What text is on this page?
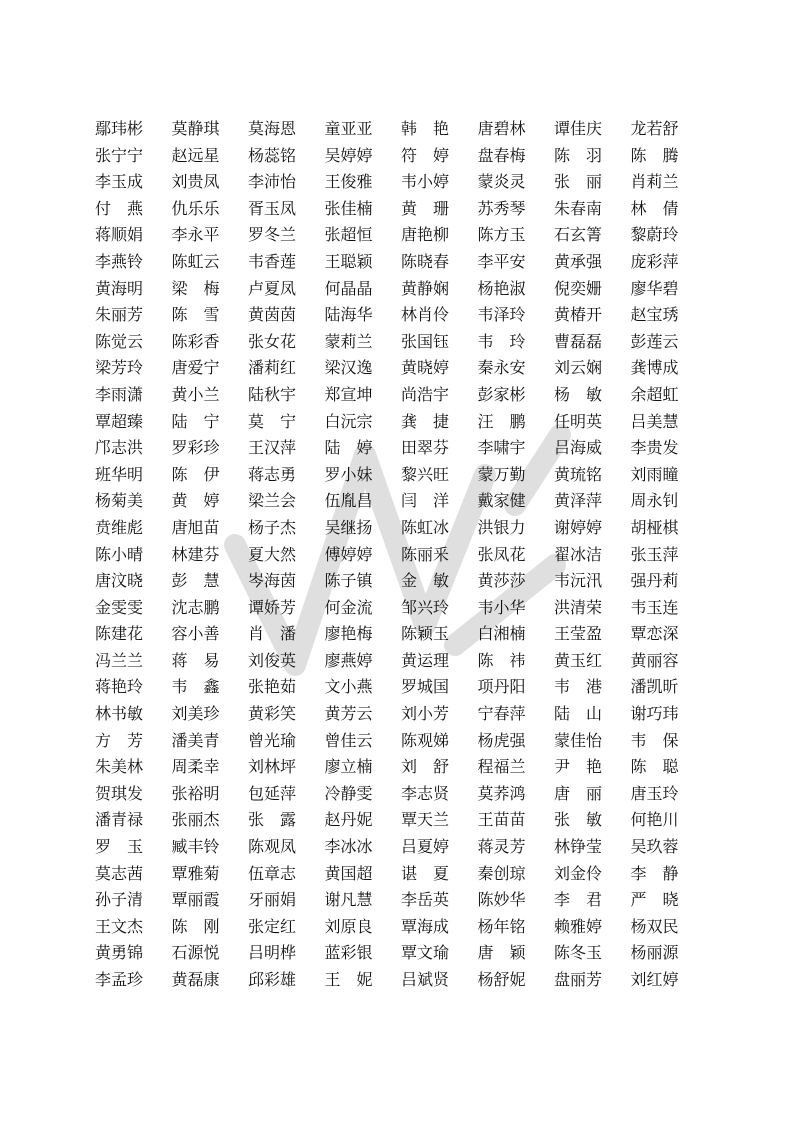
鄢玮彬	莫静琪	莫海恩	童亚亚	韩　艳	唐碧林	谭佳庆	龙若舒
张宁宁	赵远星	杨蕊铭	吴婷婷	符　婷	盘春梅	陈　羽	陈　腾
李玉成	刘贵凤	李沛怡	王俊雅	韦小婷	蒙炎灵	张　丽	肖莉兰
付　燕	仇乐乐	胥玉凤	张佳楠	黄　珊	苏秀琴	朱春南	林　倩
蒋顺娟	李永平	罗冬兰	张超恒	唐艳柳	陈方玉	石玄箐	黎蔚玲
李燕铃	陈虹云	韦香莲	王聪颖	陈晓春	李平安	黄承强	庞彩萍
黄海明	梁　梅	卢夏凤	何晶晶	黄静娴	杨艳淑	倪奕姗	廖华碧
朱丽芳	陈　雪	黄茵茵	陆海华	林肖伶	韦泽玲	黄椿开	赵宝琇
陈觉云	陈彩香	张女花	蒙莉兰	张国钰	韦　玲	曹磊磊	彭莲云
梁芳玲	唐爱宁	潘莉红	梁汉逸	黄晓婷	秦永安	刘云娴	龚博成
李雨潇	黄小兰	陆秋宇	郑宣坤	尚浩宇	彭家彬	杨　敏	余超虹
覃超臻	陆　宁	莫　宁	白沅宗	龚　捷	汪　鹏	任明英	吕美慧
邝志洪	罗彩珍	王汉萍	陆　婷	田翠芬	李啸宇	吕海威	李贵发
班华明	陈　伊	蒋志勇	罗小妹	黎兴旺	蒙万勤	黄琉铭	刘雨瞳
杨菊美	黄　婷	梁兰会	伍胤昌	闫　洋	戴家健	黄泽萍	周永钊
贲维彪	唐旭苗	杨子杰	吴继扬	陈虹冰	洪银力	谢婷婷	胡桠棋
陈小晴	林建芬	夏大然	傅婷婷	陈丽釆	张凤花	翟冰洁	张玉萍
唐汶晓	彭　慧	岑海茵	陈子镇	金　敏	黄莎莎	韦沅汛	强丹莉
金雯雯	沈志鹏	谭娇芳	何金流	邹兴玲	韦小华	洪清荣	韦玉连
陈建花	容小善	肖　潘	廖艳梅	陈颖玉	白湘楠	王莹盈	覃恋深
冯兰兰	蒋　易	刘俊英	廖燕婷	黄运理	陈　祎	黄玉红	黄丽容
蒋艳玲	韦　鑫	张艳茹	文小燕	罗城国	项丹阳	韦　港	潘凯昕
林书敏	刘美珍	黄彩笑	黄芳云	刘小芳	宁春萍	陆　山	谢巧玮
方　芳	潘美青	曾光瑜	曾佳云	陈观娣	杨虎强	蒙佳怡	韦　保
朱美林	周柔幸	刘林坪	廖立楠	刘　舒	程福兰	尹　艳	陈　聪
贺琪发	张裕明	包延萍	冷静雯	李志贤	莫荞鸿	唐　丽	唐玉玲
潘青禄	张丽杰	张　露	赵丹妮	覃天兰	王苗苗	张　敏	何艳川
罗　玉	臧丰铃	陈观凤	李冰冰	吕夏婷	蒋灵芳	林铮莹	吴玖蓉
莫志茜	覃雅菊	伍章志	黄国超	谌　夏	秦创琼	刘金伶	李　静
孙子清	覃丽霞	牙丽娟	谢凡慧	李岳英	陈妙华	李　君	严　晓
王文杰	陈　刚	张定红	刘原良	覃海成	杨年铭	赖雅婷	杨双民
黄勇锦	石源悦	吕明桦	蓝彩银	覃文瑜	唐　颖	陈冬玉	杨丽源
李孟珍	黄磊康	邱彩雄	王　妮	吕斌贤	杨舒妮	盘丽芳	刘红婷
